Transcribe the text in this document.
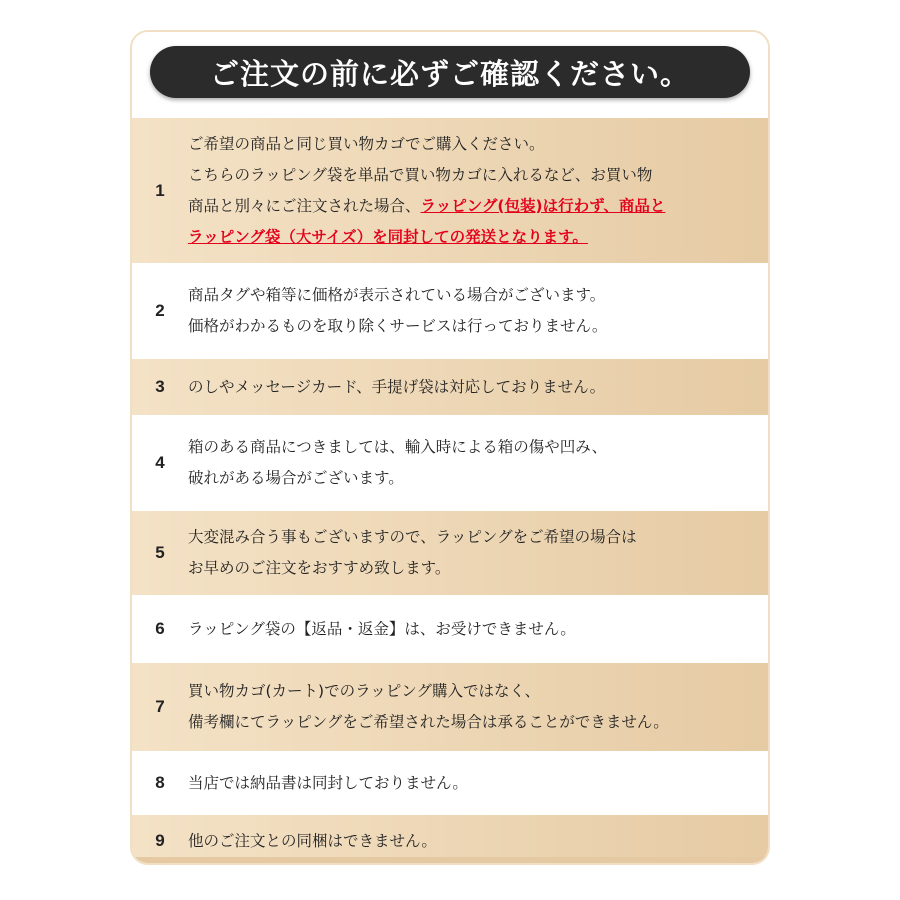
ご注文の前に必ずご確認ください。
1
ご希望の商品と同じ買い物カゴでご購入ください。
こちらのラッピング袋を単品で買い物カゴに入れるなど、お買い物
商品と別々にご注文された場合、ラッピング(包装)は行わず、商品と
ラッピング袋（大サイズ）を同封しての発送となります。
2
商品タグや箱等に価格が表示されている場合がございます。
価格がわかるものを取り除くサービスは行っておりません。
3	のしやメッセージカード、手提げ袋は対応しておりません。
4
箱のある商品につきましては、輸入時による箱の傷や凹み、
破れがある場合がございます。
5
大変混み合う事もございますので、ラッピングをご希望の場合は
お早めのご注文をおすすめ致します。
6	ラッピング袋の【返品・返金】は、お受けできません。
7
買い物カゴ(カート)でのラッピング購入ではなく、
備考欄にてラッピングをご希望された場合は承ることができません。
8	当店では納品書は同封しておりません。
9	他のご注文との同梱はできません。
